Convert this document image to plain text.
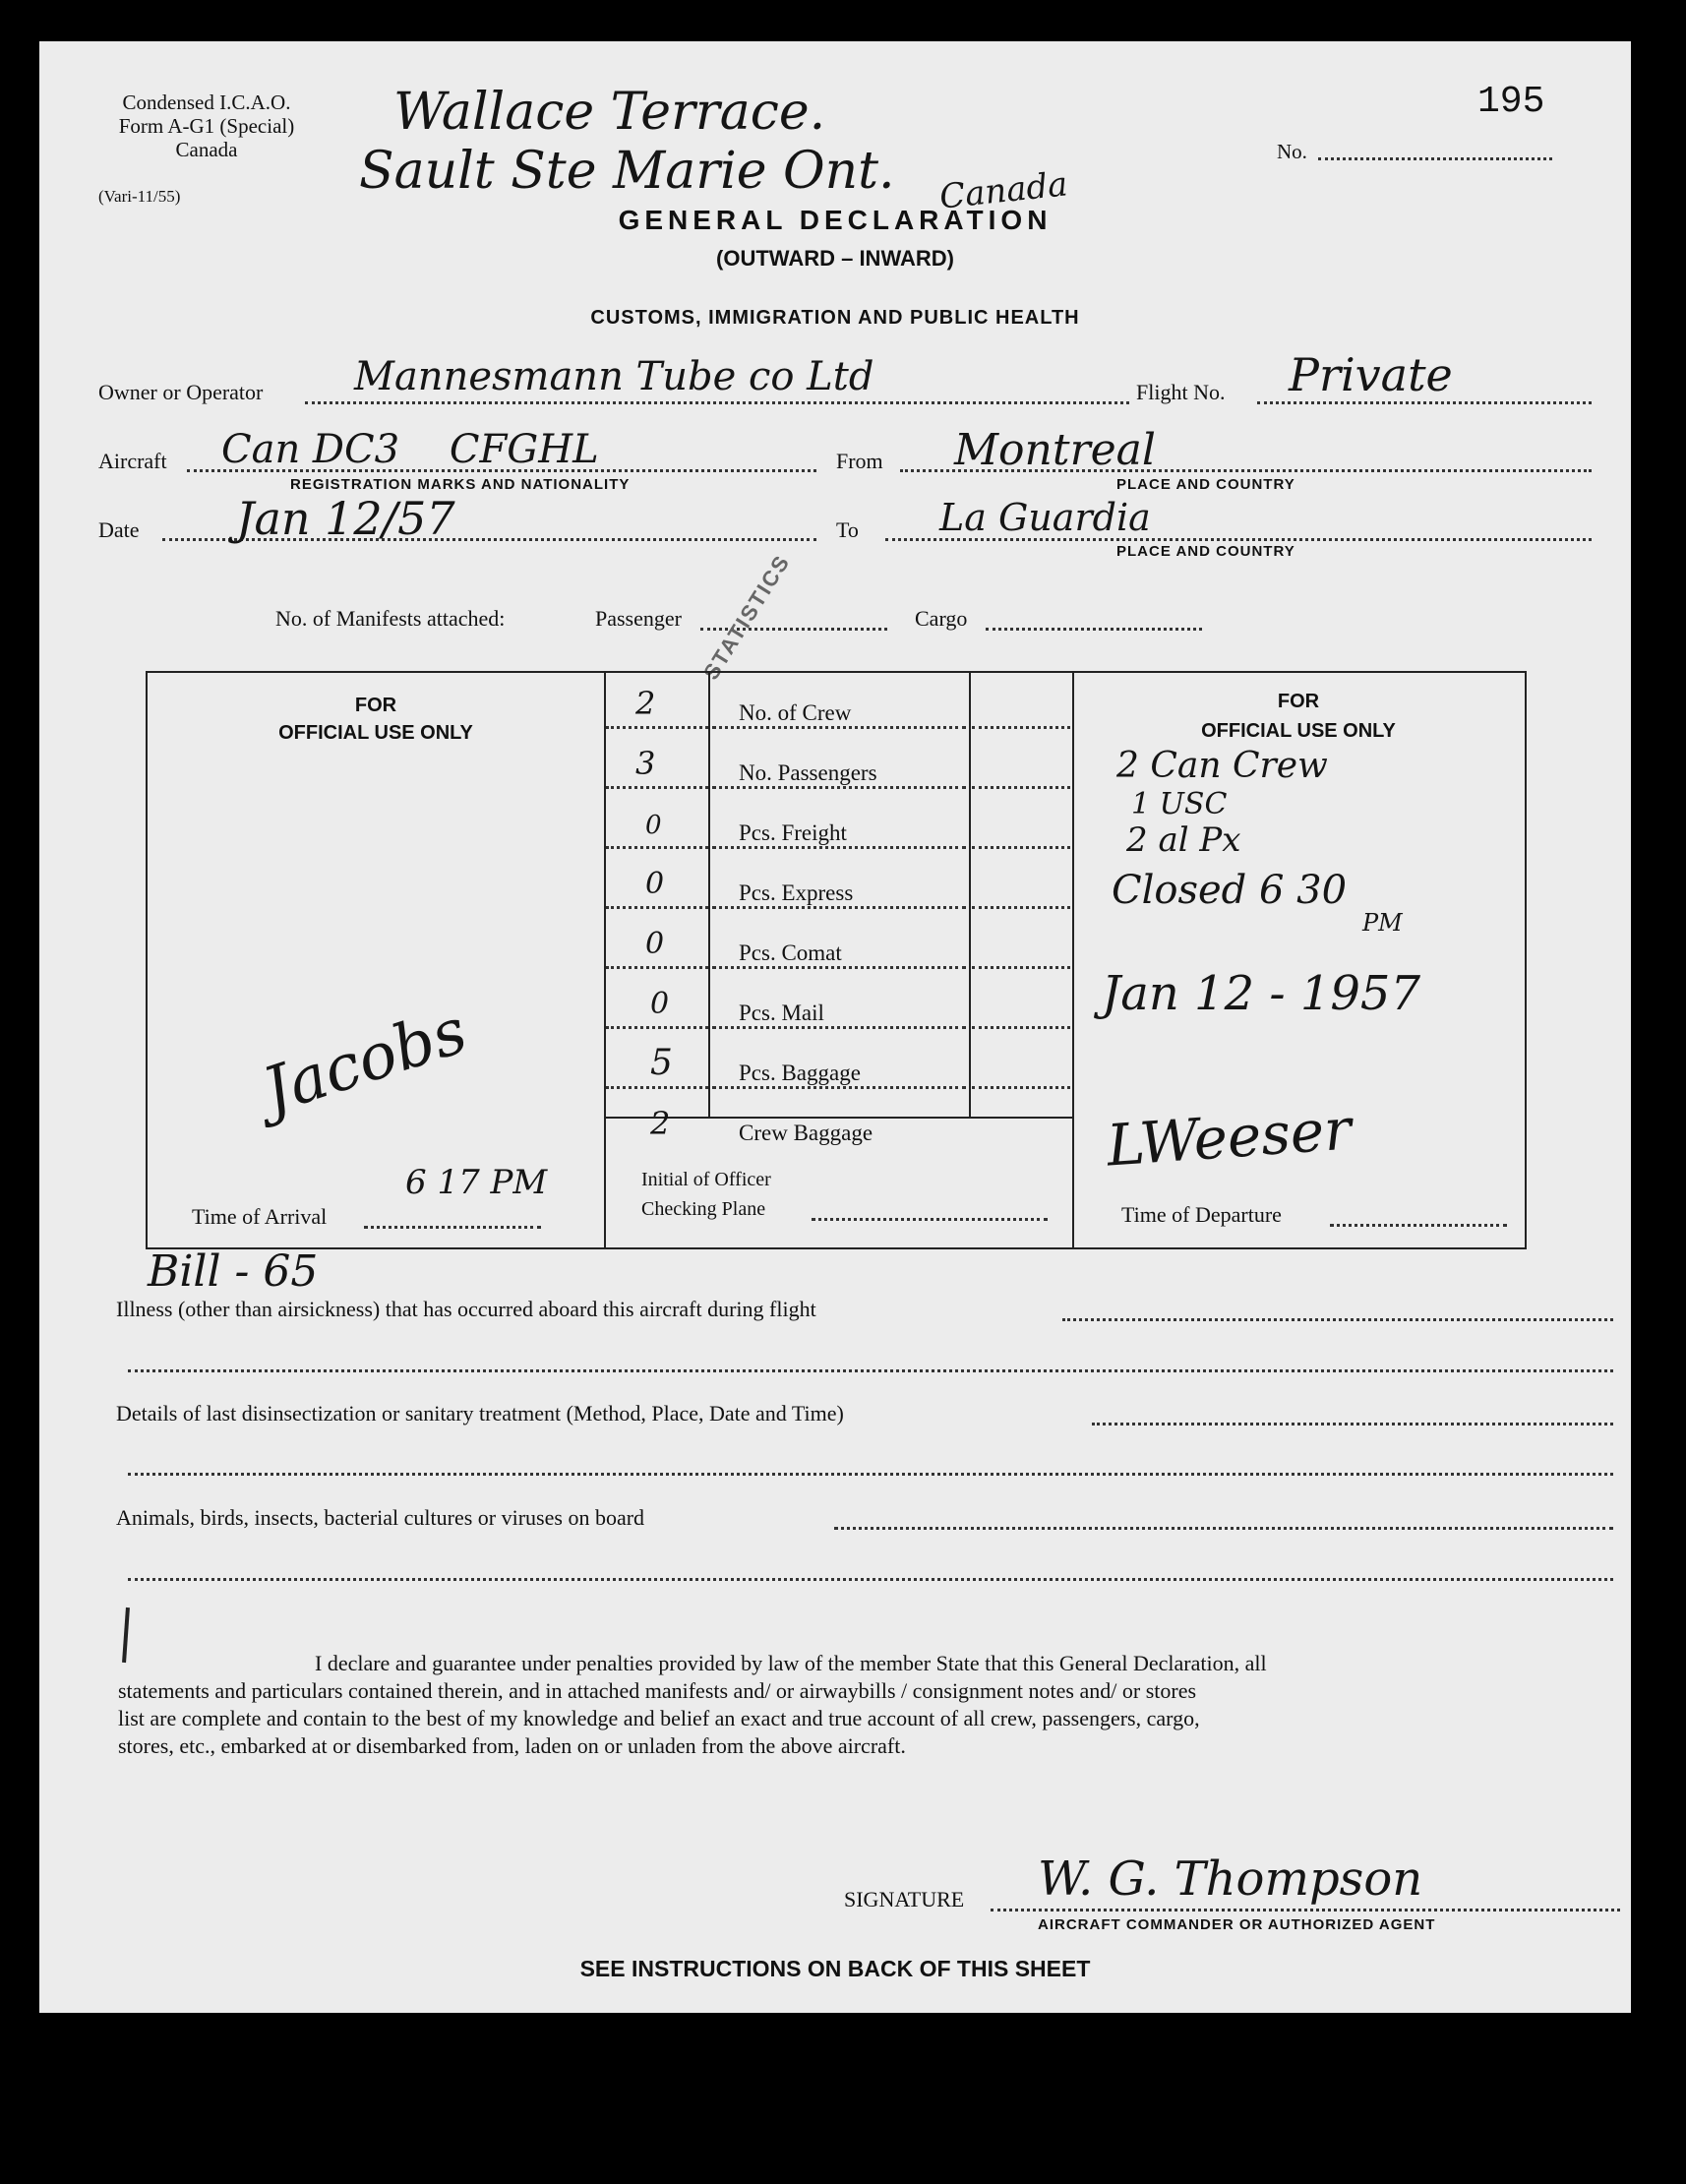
Condensed I.C.A.O.
Form A-G1 (Special)
Canada
(Vari-11/55)
Wallace Terrace.
Sault Ste Marie Ont. Canada
195
No.
GENERAL DECLARATION
(OUTWARD – INWARD)
CUSTOMS, IMMIGRATION AND PUBLIC HEALTH
Owner or Operator Mannesmann Tube co Ltd	Flight No. Private
Aircraft Can DC3    CFGHL
REGISTRATION MARKS AND NATIONALITY
From Montreal
PLACE AND COUNTRY
Date Jan 12/57	To La Guardia
PLACE AND COUNTRY
No. of Manifests attached:	Passenger	Cargo
STATISTICS
FOR
OFFICIAL USE ONLY
Jacobs
Time of Arrival
6 17 PM
2	No. of Crew
3	No. Passengers
0	Pcs. Freight
0	Pcs. Express
0	Pcs. Comat
0	Pcs. Mail
5	Pcs. Baggage
2	Crew Baggage
Initial of Officer
Checking Plane
FOR
OFFICIAL USE ONLY
2 Can Crew
1 USC
2 al Px
Closed 6 30
PM
Jan 12 - 1957
LWeeser
Time of Departure
Bill - 65
Illness (other than airsickness) that has occurred aboard this aircraft during flight
Details of last disinsectization or sanitary treatment (Method, Place, Date and Time)
Animals, birds, insects, bacterial cultures or viruses on board
I declare and guarantee under penalties provided by law of the member State that this General Declaration, all
statements and particulars contained therein, and in attached manifests and/ or airwaybills / consignment notes and/ or stores
list are complete and contain to the best of my knowledge and belief an exact and true account of all crew, passengers, cargo,
stores, etc., embarked at or disembarked from, laden on or unladen from the above aircraft.
SIGNATURE W. G. Thompson
AIRCRAFT COMMANDER OR AUTHORIZED AGENT
SEE INSTRUCTIONS ON BACK OF THIS SHEET
